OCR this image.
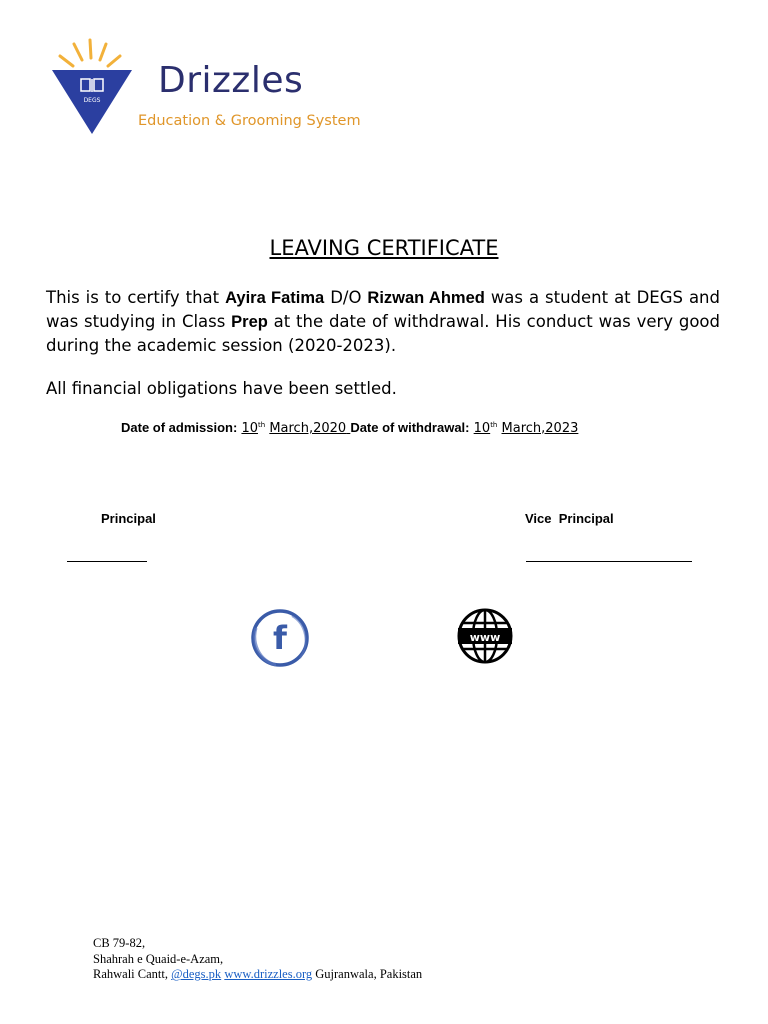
DEGS Drizzles
Education & Grooming System
LEAVING CERTIFICATE
This is to certify that Ayira Fatima D/O Rizwan Ahmed was a student at DEGS and was studying in Class Prep at the date of withdrawal. His conduct was very good during the academic session (2020-2023).
All financial obligations have been settled.
Date of admission: 10th March,2020 Date of withdrawal: 10th March,2023
Principal	Vice  Principal
f	www
CB 79-82,
Shahrah e Quaid-e-Azam,
Rahwali Cantt, @degs.pk www.drizzles.org Gujranwala, Pakistan
